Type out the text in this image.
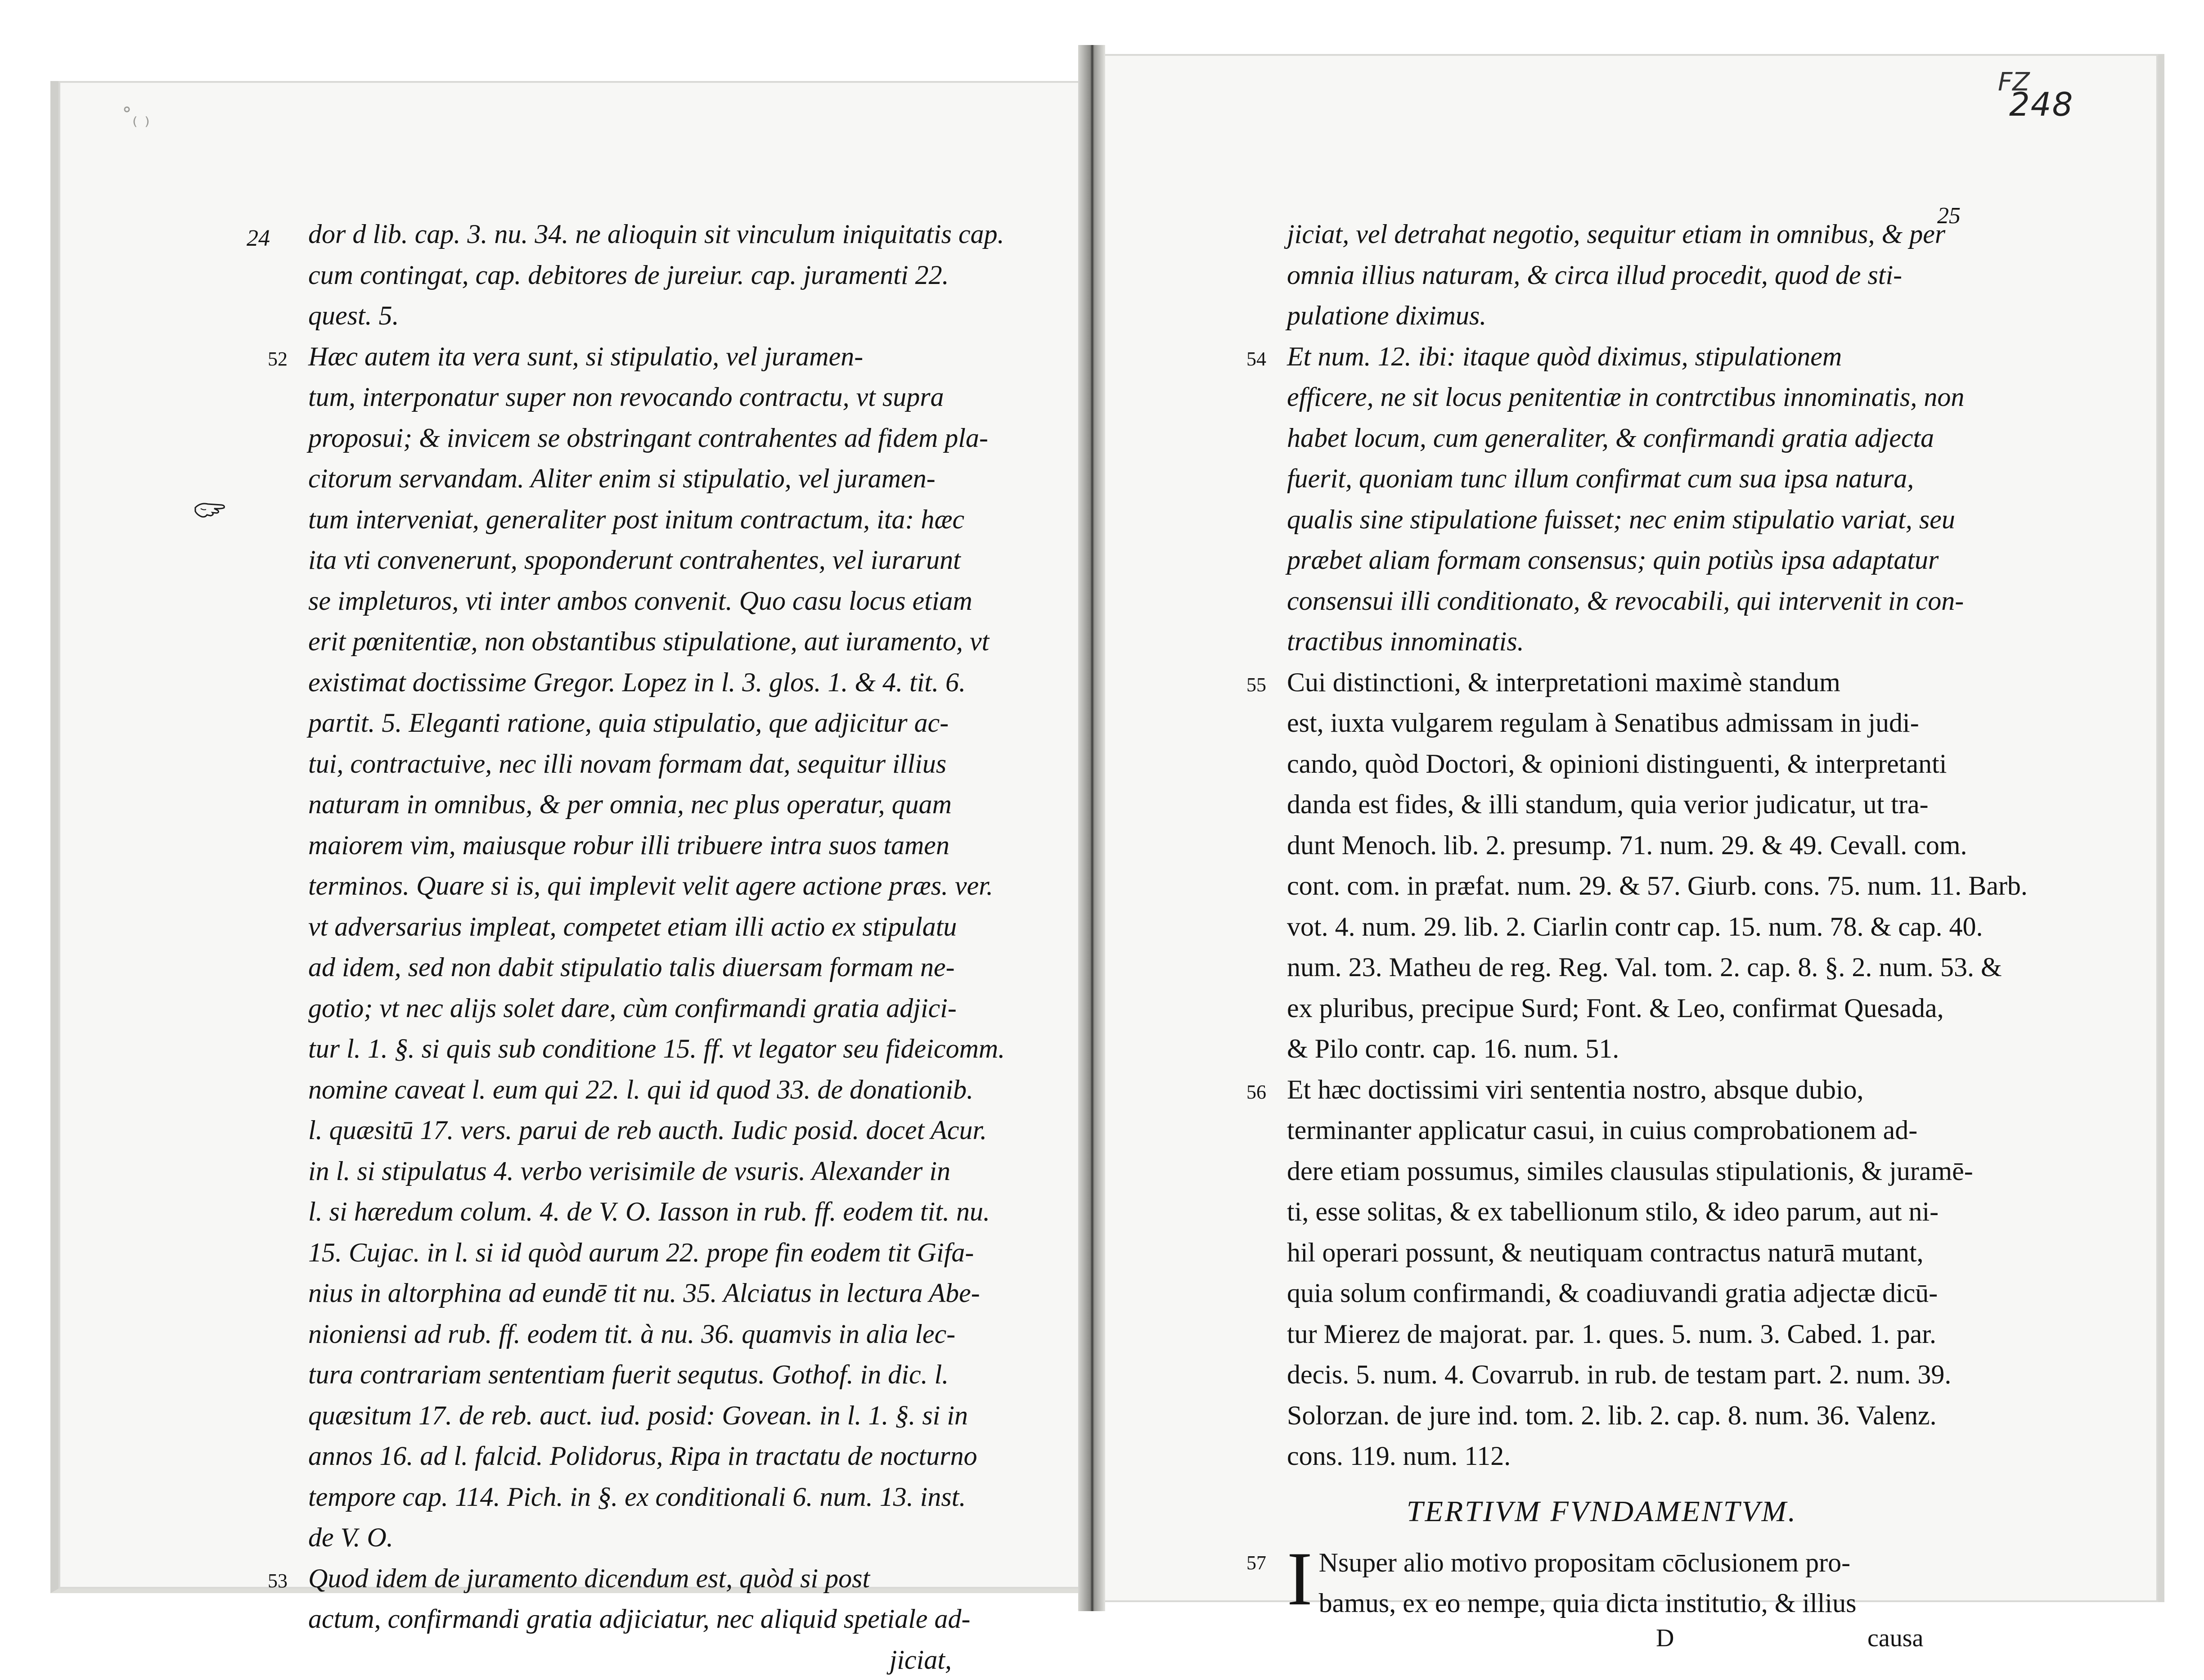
˚₍ ₎
FZ
248
24
25
dor d lib. cap. 3. nu. 34. ne alioquin sit vinculum iniquitatis cap.
cum contingat, cap. debitores de jureiur. cap. juramenti 22.
quest. 5.
52 Hæc autem ita vera sunt, si stipulatio, vel juramen-
tum, interponatur super non revocando contractu, vt supra
proposui; & invicem se obstringant contrahentes ad fidem pla-
citorum servandam. Aliter enim si stipulatio, vel juramen-
tum interveniat, generaliter post initum contractum, ita: hæc
ita vti convenerunt, spoponderunt contrahentes, vel iurarunt
se impleturos, vti inter ambos convenit. Quo casu locus etiam
erit pœnitentiæ, non obstantibus stipulatione, aut iuramento, vt
existimat doctissime Gregor. Lopez in l. 3. glos. 1. & 4. tit. 6.
partit. 5. Eleganti ratione, quia stipulatio, que adjicitur ac-
tui, contractuive, nec illi novam formam dat, sequitur illius
naturam in omnibus, & per omnia, nec plus operatur, quam
maiorem vim, maiusque robur illi tribuere intra suos tamen
terminos. Quare si is, qui implevit velit agere actione præs. ver.
vt adversarius impleat, competet etiam illi actio ex stipulatu
ad idem, sed non dabit stipulatio talis diuersam formam ne-
gotio; vt nec alijs solet dare, cùm confirmandi gratia adjici-
tur l. 1. §. si quis sub conditione 15. ff. vt legator seu fideicomm.
nomine caveat l. eum qui 22. l. qui id quod 33. de donationib.
l. quæsitū 17. vers. parui de reb aucth. Iudic posid. docet Acur.
in l. si stipulatus 4. verbo verisimile de vsuris. Alexander in
l. si hæredum colum. 4. de V. O. Iasson in rub. ff. eodem tit. nu.
15. Cujac. in l. si id quòd aurum 22. prope fin eodem tit Gifa-
nius in altorphina ad eundē tit nu. 35. Alciatus in lectura Abe-
nioniensi ad rub. ff. eodem tit. à nu. 36. quamvis in alia lec-
tura contrariam sententiam fuerit sequtus. Gothof. in dic. l.
quæsitum 17. de reb. auct. iud. posid: Govean. in l. 1. §. si in
annos 16. ad l. falcid. Polidorus, Ripa in tractatu de nocturno
tempore cap. 114. Pich. in §. ex conditionali 6. num. 13. inst.
de V. O.
53 Quod idem de juramento dicendum est, quòd si post
actum, confirmandi gratia adjiciatur, nec aliquid spetiale ad-
jiciat,
jiciat, vel detrahat negotio, sequitur etiam in omnibus, & per
omnia illius naturam, & circa illud procedit, quod de sti-
pulatione diximus.
54 Et num. 12. ibi: itaque quòd diximus, stipulationem
efficere, ne sit locus penitentiæ in contrctibus innominatis, non
habet locum, cum generaliter, & confirmandi gratia adjecta
fuerit, quoniam tunc illum confirmat cum sua ipsa natura,
qualis sine stipulatione fuisset; nec enim stipulatio variat, seu
præbet aliam formam consensus; quin potiùs ipsa adaptatur
consensui illi conditionato, & revocabili, qui intervenit in con-
tractibus innominatis.
55 Cui distinctioni, & interpretationi maximè standum
est, iuxta vulgarem regulam à Senatibus admissam in judi-
cando, quòd Doctori, & opinioni distinguenti, & interpretanti
danda est fides, & illi standum, quia verior judicatur, ut tra-
dunt Menoch. lib. 2. presump. 71. num. 29. & 49. Cevall. com.
cont. com. in præfat. num. 29. & 57. Giurb. cons. 75. num. 11. Barb.
vot. 4. num. 29. lib. 2. Ciarlin contr cap. 15. num. 78. & cap. 40.
num. 23. Matheu de reg. Reg. Val. tom. 2. cap. 8. §. 2. num. 53. &
ex pluribus, precipue Surd; Font. & Leo, confirmat Quesada,
& Pilo contr. cap. 16. num. 51.
56 Et hæc doctissimi viri sententia nostro, absque dubio,
terminanter applicatur casui, in cuius comprobationem ad-
dere etiam possumus, similes clausulas stipulationis, & juramē-
ti, esse solitas, & ex tabellionum stilo, & ideo parum, aut ni-
hil operari possunt, & neutiquam contractus naturā mutant,
quia solum confirmandi, & coadiuvandi gratia adjectæ dicū-
tur Mierez de majorat. par. 1. ques. 5. num. 3. Cabed. 1. par.
decis. 5. num. 4. Covarrub. in rub. de testam part. 2. num. 39.
Solorzan. de jure ind. tom. 2. lib. 2. cap. 8. num. 36. Valenz.
cons. 119. num. 112.
TERTIVM FVNDAMENTVM.
57 I Nsuper alio motivo propositam cōclusionem pro-
bamus, ex eo nempe, quia dicta institutio, & illius
D	causa
